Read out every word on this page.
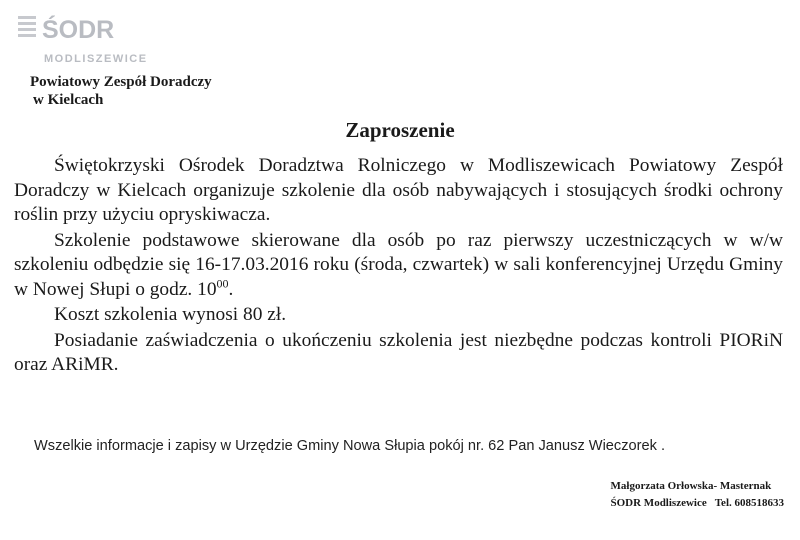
ŚODR
MODLISZEWICE
Powiatowy Zespół Doradczy
w Kielcach
Zaproszenie

Świętokrzyski Ośrodek Doradztwa Rolniczego w Modliszewicach Powiatowy Zespół Doradczy w Kielcach organizuje szkolenie dla osób nabywających i stosujących środki ochrony roślin przy użyciu opryskiwacza.

Szkolenie podstawowe skierowane dla osób po raz pierwszy uczestniczących w w/w szkoleniu odbędzie się 16-17.03.2016 roku (środa, czwartek) w sali konferencyjnej Urzędu Gminy w Nowej Słupi o godz. $10^{00}$.

Koszt szkolenia wynosi 80 zł.

Posiadanie zaświadczenia o ukończeniu szkolenia jest niezbędne podczas kontroli PIORiN oraz ARiMR.

Wszelkie informacje i zapisy w Urzędzie Gminy Nowa Słupia pokój nr. 62 Pan Janusz Wieczorek .

Małgorzata Orłowska- Masternak
ŚODR Modliszewice Tel. 608518633
